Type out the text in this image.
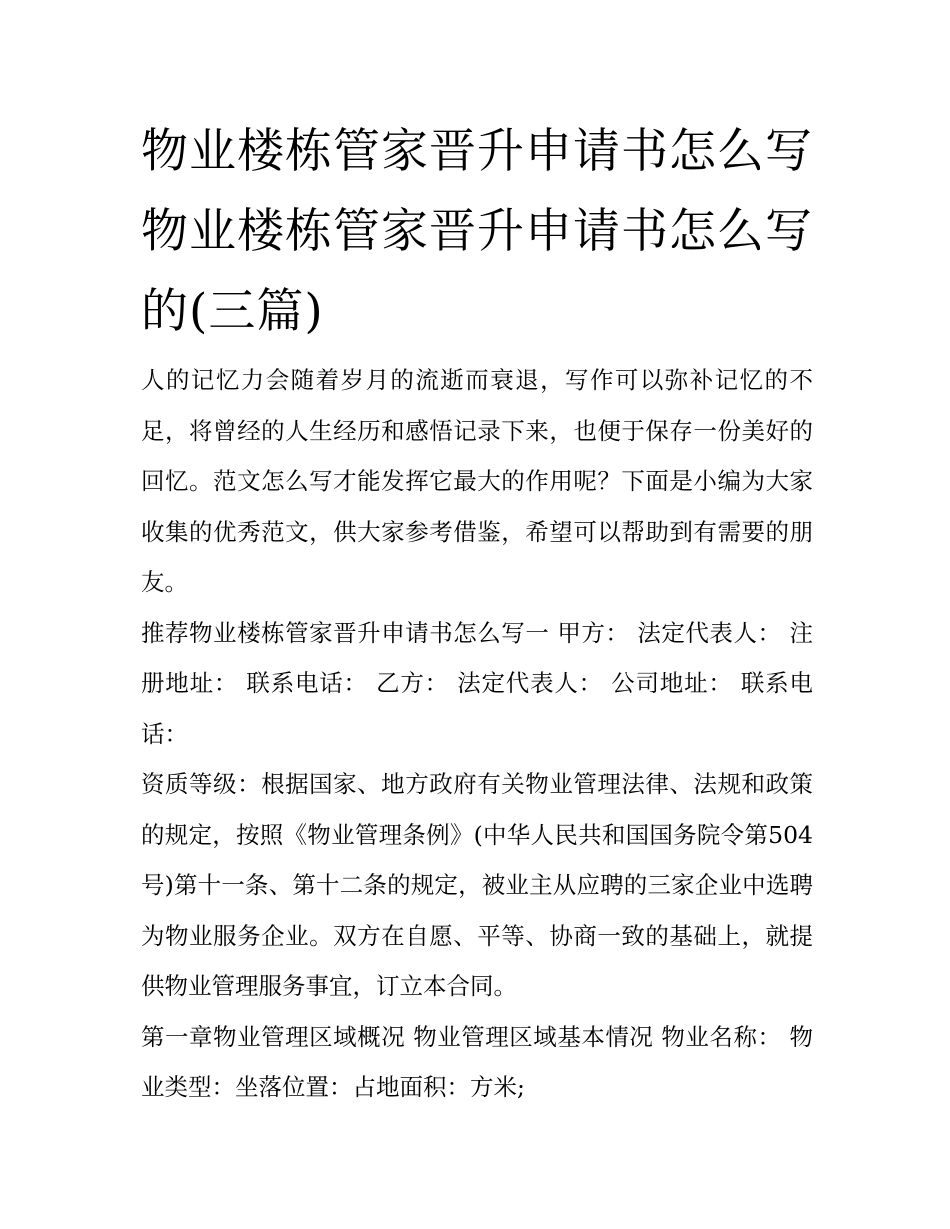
物业楼栋管家晋升申请书怎么写 物业楼栋管家晋升申请书怎么写的(三篇)

人的记忆力会随着岁月的流逝而衰退，写作可以弥补记忆的不足，将曾经的人生经历和感悟记录下来，也便于保存一份美好的回忆。范文怎么写才能发挥它最大的作用呢？下面是小编为大家收集的优秀范文，供大家参考借鉴，希望可以帮助到有需要的朋友。

推荐物业楼栋管家晋升申请书怎么写一 甲方： 法定代表人： 注册地址： 联系电话： 乙方： 法定代表人： 公司地址： 联系电话：

资质等级：根据国家、地方政府有关物业管理法律、法规和政策的规定，按照《物业管理条例》(中华人民共和国国务院令第504号)第十一条、第十二条的规定，被业主从应聘的三家企业中选聘为物业服务企业。双方在自愿、平等、协商一致的基础上，就提供物业管理服务事宜，订立本合同。

第一章物业管理区域概况 物业管理区域基本情况 物业名称： 物业类型：坐落位置：占地面积：方米;
